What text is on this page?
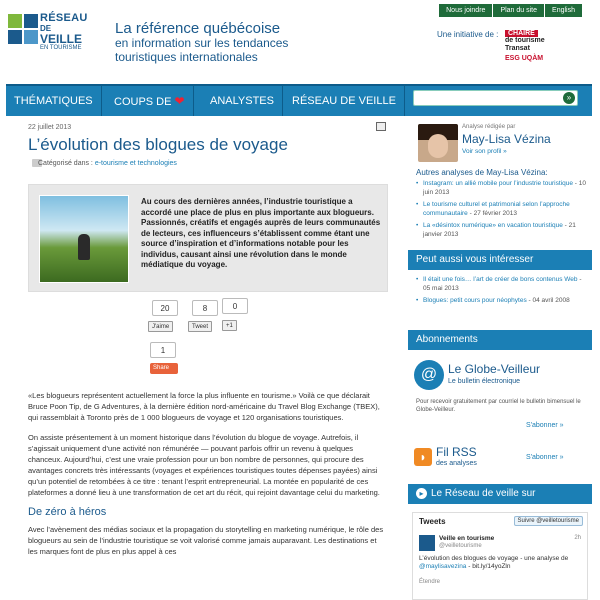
RÉSEAU
DE
VEILLE
EN TOURISME
La référence québécoise
en information sur les tendances
touristiques internationales
Nous joindre	Plan du site	English
Une initiative de :	CHAIRE
de tourisme
Transat
ESG UQÀM
THÉMATIQUES	COUPS DE ❤	ANALYSTES	RÉSEAU DE VEILLE	»
22 juillet 2013
L’évolution des blogues de voyage
Catégorisé dans : e-tourisme et technologies
Au cours des dernières années, l’industrie touristique a accordé une place de plus en plus importante aux blogueurs. Passionnés, créatifs et engagés auprès de leurs communautés de lecteurs, ces influenceurs s’établissent comme étant une source d’inspiration et d’informations notable pour les individus, causant ainsi une révolution dans le monde médiatique du voyage.
20
J'aime
8
Tweet
0
+1
1
Share

«Les blogueurs représentent actuellement la force la plus influente en tourisme.» Voilà ce que déclarait Bruce Poon Tip, de G Adventures, à la dernière édition nord-américaine du Travel Blog Exchange (TBEX), qui rassemblait à Toronto près de 1 000 blogueurs de voyage et 120 organisations touristiques.

On assiste présentement à un moment historique dans l’évolution du blogue de voyage. Autrefois, il s’agissait uniquement d’une activité non rémunérée — pouvant parfois offrir un revenu à quelques chanceux. Aujourd’hui, c’est une vraie profession pour un bon nombre de personnes, qui procure des avantages concrets très intéressants (voyages et expériences touristiques toutes dépenses payées) ainsi qu’un potentiel de retombées à ce titre : tenant l’esprit entrepreneurial. La montée en popularité de ces plateformes a donné lieu à une transformation de cet art du récit, qui rejoint davantage celui du marketing.

De zéro à héros

Avec l’avènement des médias sociaux et la propagation du storytelling en marketing numérique, le rôle des blogueurs au sein de l’industrie touristique se voit valorisé comme jamais auparavant. Les destinations et les marques font de plus en plus appel à ces

Analyse rédigée par
May-Lisa Vézina
Voir son profil »
Autres analyses de May-Lisa Vézina:
• Instagram: un allié mobile pour l’industrie touristique - 10 juin 2013
• Le tourisme culturel et patrimonial selon l’approche communautaire - 27 février 2013
• La «désintox numérique» en vacation touristique - 21 janvier 2013
Peut aussi vous intéresser
• Il était une fois… l’art de créer de bons contenus Web - 05 mai 2013
• Blogues: petit cours pour néophytes - 04 avril 2008
Abonnements
@ Le Globe-Veilleur
Le bulletin électronique
Pour recevoir gratuitement par courriel le bulletin bimensuel le Globe-Veilleur.
S'abonner »
◗ Fil RSS
des analyses
S'abonner »
▸ Le Réseau de veille sur
Tweets	Suivre @veilletourisme
Veille en tourisme
@veilletourisme
2h
L’évolution des blogues de voyage - une analyse de @maylisavezina - bit.ly/14yoZln
Étendre
